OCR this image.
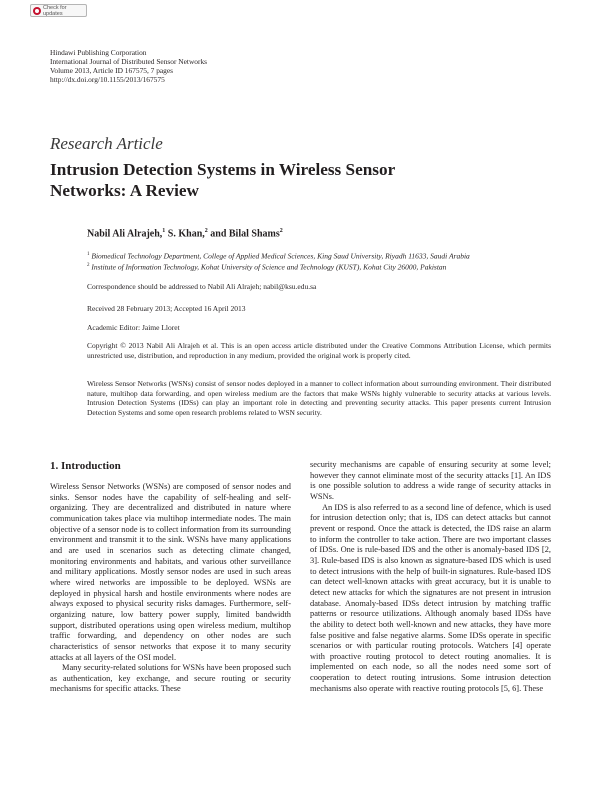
Check for updates
Hindawi Publishing Corporation
International Journal of Distributed Sensor Networks
Volume 2013, Article ID 167575, 7 pages
http://dx.doi.org/10.1155/2013/167575
Research Article
Intrusion Detection Systems in Wireless Sensor Networks: A Review
Nabil Ali Alrajeh,$^1$ S. Khan,$^2$ and Bilal Shams$^2$
$^1$ Biomedical Technology Department, College of Applied Medical Sciences, King Saud University, Riyadh 11633, Saudi Arabia
$^2$ Institute of Information Technology, Kohat University of Science and Technology (KUST), Kohat City 26000, Pakistan
Correspondence should be addressed to Nabil Ali Alrajeh; nabil@ksu.edu.sa
Received 28 February 2013; Accepted 16 April 2013
Academic Editor: Jaime Lloret
Copyright © 2013 Nabil Ali Alrajeh et al. This is an open access article distributed under the Creative Commons Attribution License, which permits unrestricted use, distribution, and reproduction in any medium, provided the original work is properly cited.
Wireless Sensor Networks (WSNs) consist of sensor nodes deployed in a manner to collect information about surrounding environment. Their distributed nature, multihop data forwarding, and open wireless medium are the factors that make WSNs highly vulnerable to security attacks at various levels. Intrusion Detection Systems (IDSs) can play an important role in detecting and preventing security attacks. This paper presents current Intrusion Detection Systems and some open research problems related to WSN security.
1. Introduction

Wireless Sensor Networks (WSNs) are composed of sensor nodes and sinks. Sensor nodes have the capability of self-healing and self-organizing. They are decentralized and distributed in nature where communication takes place via multihop intermediate nodes. The main objective of a sensor node is to collect information from its surrounding environment and transmit it to the sink. WSNs have many applications and are used in scenarios such as detecting climate changed, monitoring environments and habitats, and various other surveillance and military applications. Mostly sensor nodes are used in such areas where wired networks are impossible to be deployed. WSNs are deployed in physical harsh and hostile environments where nodes are always exposed to physical security risks damages. Furthermore, self-organizing nature, low battery power supply, limited bandwidth support, distributed operations using open wireless medium, multihop traffic forwarding, and dependency on other nodes are such characteristics of sensor networks that expose it to many security attacks at all layers of the OSI model.

Many security-related solutions for WSNs have been proposed such as authentication, key exchange, and secure routing or security mechanisms for specific attacks. These

security mechanisms are capable of ensuring security at some level; however they cannot eliminate most of the security attacks [1]. An IDS is one possible solution to address a wide range of security attacks in WSNs.

An IDS is also referred to as a second line of defence, which is used for intrusion detection only; that is, IDS can detect attacks but cannot prevent or respond. Once the attack is detected, the IDS raise an alarm to inform the controller to take action. There are two important classes of IDSs. One is rule-based IDS and the other is anomaly-based IDS [2, 3]. Rule-based IDS is also known as signature-based IDS which is used to detect intrusions with the help of built-in signatures. Rule-based IDS can detect well-known attacks with great accuracy, but it is unable to detect new attacks for which the signatures are not present in intrusion database. Anomaly-based IDSs detect intrusion by matching traffic patterns or resource utilizations. Although anomaly based IDSs have the ability to detect both well-known and new attacks, they have more false positive and false negative alarms. Some IDSs operate in specific scenarios or with particular routing protocols. Watchers [4] operate with proactive routing protocol to detect routing anomalies. It is implemented on each node, so all the nodes need some sort of cooperation to detect routing intrusions. Some intrusion detection mechanisms also operate with reactive routing protocols [5, 6]. These
